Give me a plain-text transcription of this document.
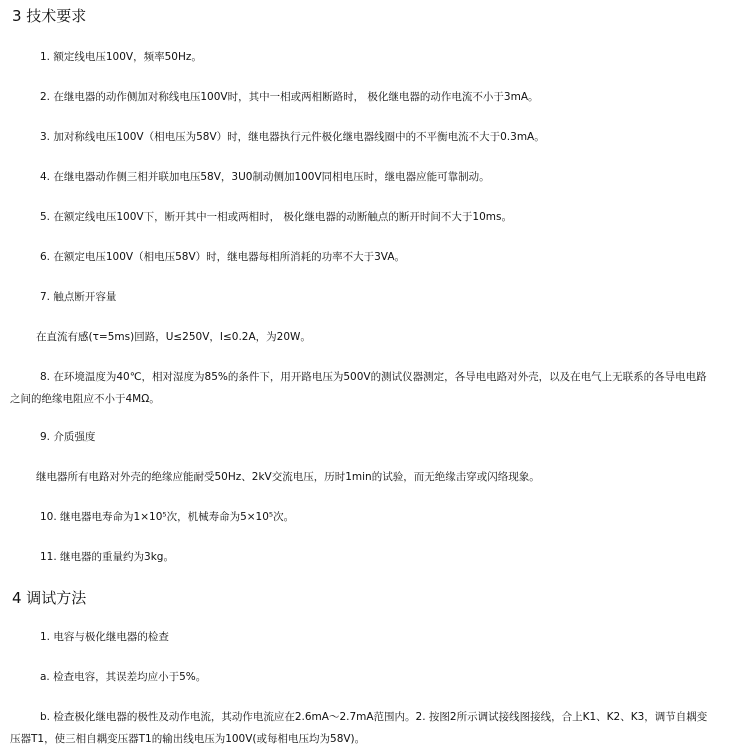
3 技术要求

1. 额定线电压100V，频率50Hz。

2. 在继电器的动作侧加对称线电压100V时，其中一相或两相断路时， 极化继电器的动作电流不小于3mA。

3. 加对称线电压100V（相电压为58V）时，继电器执行元件极化继电器线圈中的不平衡电流不大于0.3mA。

4. 在继电器动作侧三相并联加电压58V，3U0制动侧加100V同相电压时，继电器应能可靠制动。

5. 在额定线电压100V下，断开其中一相或两相时， 极化继电器的动断触点的断开时间不大于10ms。

6. 在额定电压100V（相电压58V）时，继电器每相所消耗的功率不大于3VA。

7. 触点断开容量

在直流有感(τ=5ms)回路，U≤250V，I≤0.2A，为20W。

8. 在环境温度为40℃，相对湿度为85%的条件下，用开路电压为500V的测试仪器测定，各导电电路对外壳，以及在电气上无联系的各导电电路之间的绝缘电阻应不小于4MΩ。

9. 介质强度

继电器所有电路对外壳的绝缘应能耐受50Hz、2kV交流电压，历时1min的试验，而无绝缘击穿或闪络现象。

10. 继电器电寿命为1×10⁵次，机械寿命为5×10⁵次。

11. 继电器的重量约为3kg。

4 调试方法

1. 电容与极化继电器的检查

a. 检查电容，其误差均应小于5%。

b. 检查极化继电器的极性及动作电流，其动作电流应在2.6mA～2.7mA范围内。2. 按图2所示调试接线图接线，合上K1、K2、K3，调节自耦变压器T1，使三相自耦变压器T1的输出线电压为100V(或每相电压均为58V)。
